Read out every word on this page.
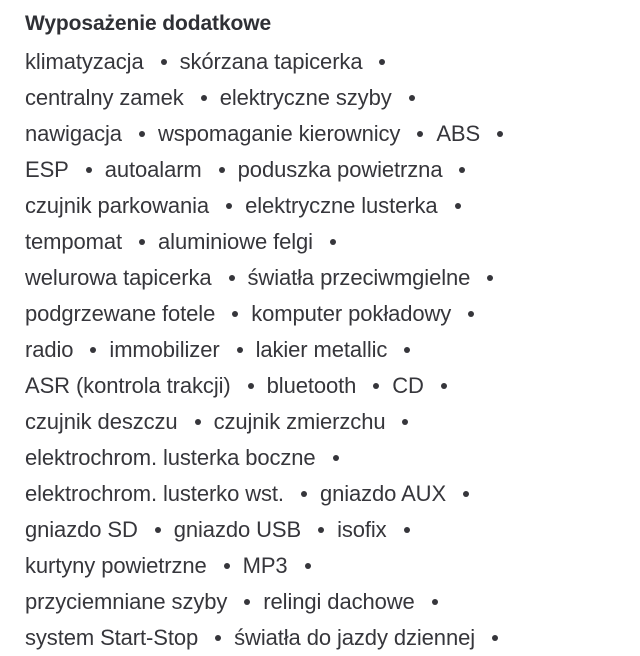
Wyposażenie dodatkowe
klimatyzacja skórzana tapicerka
centralny zamek elektryczne szyby
nawigacja wspomaganie kierownicy ABS
ESP autoalarm poduszka powietrzna
czujnik parkowania elektryczne lusterka
tempomat aluminiowe felgi
welurowa tapicerka światła przeciwmgielne
podgrzewane fotele komputer pokładowy
radio immobilizer lakier metallic
ASR (kontrola trakcji) bluetooth CD
czujnik deszczu czujnik zmierzchu
elektrochrom. lusterka boczne
elektrochrom. lusterko wst. gniazdo AUX
gniazdo SD gniazdo USB isofix
kurtyny powietrzne MP3
przyciemniane szyby relingi dachowe
system Start-Stop światła do jazdy dziennej
